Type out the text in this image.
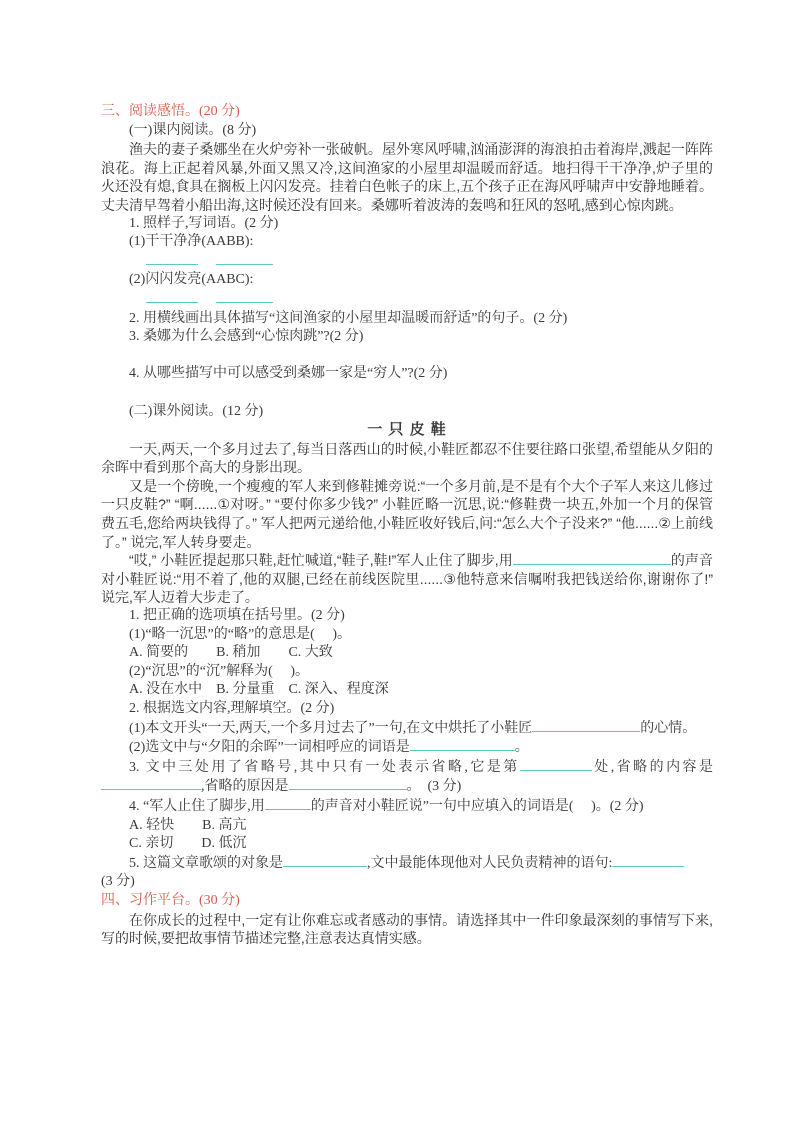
三、阅读感悟。(20 分)
(一)课内阅读。(8 分)
渔夫的妻子桑娜坐在火炉旁补一张破帆。屋外寒风呼啸,汹涌澎湃的海浪拍击着海岸,溅起一阵阵浪花。海上正起着风暴,外面又黑又冷,这间渔家的小屋里却温暖而舒适。地扫得干干净净,炉子里的火还没有熄,食具在搁板上闪闪发亮。挂着白色帐子的床上,五个孩子正在海风呼啸声中安静地睡着。丈夫清早驾着小船出海,这时候还没有回来。桑娜听着波涛的轰鸣和狂风的怒吼,感到心惊肉跳。
1. 照样子,写词语。(2 分)
(1)干干净净(AABB):
(2)闪闪发亮(AABC):
2. 用横线画出具体描写“这间渔家的小屋里却温暖而舒适”的句子。(2 分)
3. 桑娜为什么会感到“心惊肉跳”?(2 分)
4. 从哪些描写中可以感受到桑娜一家是“穷人”?(2 分)
(二)课外阅读。(12 分)
一 只 皮 鞋
一天,两天,一个多月过去了,每当日落西山的时候,小鞋匠都忍不住要往路口张望,希望能从夕阳的余晖中看到那个高大的身影出现。
又是一个傍晚,一个瘦瘦的军人来到修鞋摊旁说:“一个多月前,是不是有个大个子军人来这儿修过一只皮鞋?” “啊......①对呀。” “要付你多少钱?” 小鞋匠略一沉思,说:“修鞋费一块五,外加一个月的保管费五毛,您给两块钱得了。” 军人把两元递给他,小鞋匠收好钱后,问:“怎么大个子没来?” “他......②上前线了。” 说完,军人转身要走。
“哎,” 小鞋匠提起那只鞋,赶忙喊道,“鞋子,鞋!”军人止住了脚步,用	的声音对小鞋匠说:“用不着了,他的双腿,已经在前线医院里......③他特意来信嘱咐我把钱送给你,谢谢你了!” 说完,军人迈着大步走了。
1. 把正确的选项填在括号里。(2 分)
(1)“略一沉思”的“略”的意思是(　 )。
A. 简要的　　B. 稍加　　C. 大致
(2)“沉思”的“沉”解释为(　 )。
A. 没在水中　B. 分量重　C. 深入、程度深
2. 根据选文内容,理解填空。(2 分)
(1)本文开头“一天,两天,一个多月过去了”一句,在文中烘托了小鞋匠	的心情。
(2)选文中与“夕阳的余晖”一词相呼应的词语是	。
3. 文中三处用了省略号,其中只有一处表示省略,它是第	处,省略的内容是,省略的原因是	。　(3 分)
4. “军人止住了脚步,用	的声音对小鞋匠说”一句中应填入的词语是(　 )。(2 分)
A. 轻快　　B. 高亢
C. 亲切　　D. 低沉
5. 这篇文章歌颂的对象是	,文中最能体现他对人民负责精神的语句:
(3 分)
四、习作平台。(30 分)
在你成长的过程中,一定有让你难忘或者感动的事情。请选择其中一件印象最深刻的事情写下来,写的时候,要把故事情节描述完整,注意表达真情实感。
